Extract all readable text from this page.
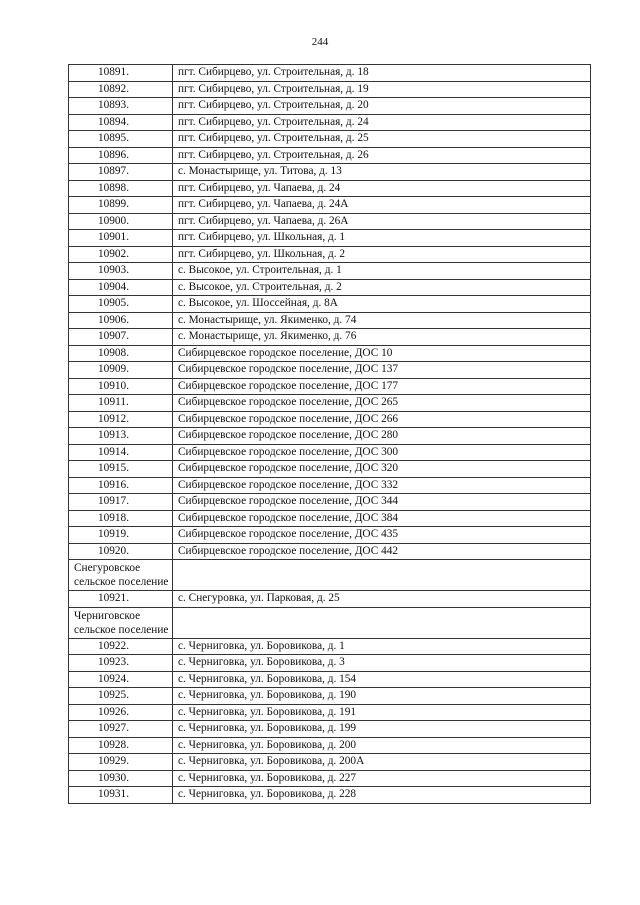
244
10891.	пгт. Сибирцево, ул. Строительная, д. 18
10892.	пгт. Сибирцево, ул. Строительная, д. 19
10893.	пгт. Сибирцево, ул. Строительная, д. 20
10894.	пгт. Сибирцево, ул. Строительная, д. 24
10895.	пгт. Сибирцево, ул. Строительная, д. 25
10896.	пгт. Сибирцево, ул. Строительная, д. 26
10897.	с. Монастырище, ул. Титова, д. 13
10898.	пгт. Сибирцево, ул. Чапаева, д. 24
10899.	пгт. Сибирцево, ул. Чапаева, д. 24А
10900.	пгт. Сибирцево, ул. Чапаева, д. 26А
10901.	пгт. Сибирцево, ул. Школьная, д. 1
10902.	пгт. Сибирцево, ул. Школьная, д. 2
10903.	с. Высокое, ул. Строительная, д. 1
10904.	с. Высокое, ул. Строительная, д. 2
10905.	с. Высокое, ул. Шоссейная, д. 8А
10906.	с. Монастырище, ул. Якименко, д. 74
10907.	с. Монастырище, ул. Якименко, д. 76
10908.	Сибирцевское городское поселение, ДОС 10
10909.	Сибирцевское городское поселение, ДОС 137
10910.	Сибирцевское городское поселение, ДОС 177
10911.	Сибирцевское городское поселение, ДОС 265
10912.	Сибирцевское городское поселение, ДОС 266
10913.	Сибирцевское городское поселение, ДОС 280
10914.	Сибирцевское городское поселение, ДОС 300
10915.	Сибирцевское городское поселение, ДОС 320
10916.	Сибирцевское городское поселение, ДОС 332
10917.	Сибирцевское городское поселение, ДОС 344
10918.	Сибирцевское городское поселение, ДОС 384
10919.	Сибирцевское городское поселение, ДОС 435
10920.	Сибирцевское городское поселение, ДОС 442
Снегуровское сельское поселение	
10921.	с. Снегуровка, ул. Парковая, д. 25
Черниговское сельское поселение	
10922.	с. Черниговка, ул. Боровикова, д. 1
10923.	с. Черниговка, ул. Боровикова, д. 3
10924.	с. Черниговка, ул. Боровикова, д. 154
10925.	с. Черниговка, ул. Боровикова, д. 190
10926.	с. Черниговка, ул. Боровикова, д. 191
10927.	с. Черниговка, ул. Боровикова, д. 199
10928.	с. Черниговка, ул. Боровикова, д. 200
10929.	с. Черниговка, ул. Боровикова, д. 200А
10930.	с. Черниговка, ул. Боровикова, д. 227
10931.	с. Черниговка, ул. Боровикова, д. 228
